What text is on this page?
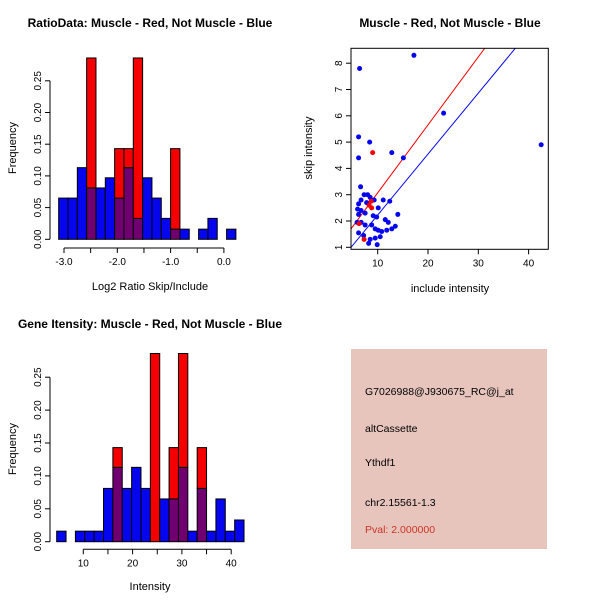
0.00
0.05
0.10
0.15
0.20
0.25
-3.0	-2.0	-1.0	0.0
RatioData: Muscle - Red, Not Muscle - Blue
Log2 Ratio Skip/Include
Frequency
10	20	30	40
1
2
3
4
5
6
7
8
Muscle - Red, Not Muscle - Blue
include intensity
skip intensity
0.00
0.05
0.10
0.15
0.20
0.25
10	20	30	40
Gene Itensity: Muscle - Red, Not Muscle - Blue
Intensity
Frequency
G7026988@J930675_RC@j_at
altCassette
Ythdf1
chr2.15561-1.3
Pval: 2.000000
